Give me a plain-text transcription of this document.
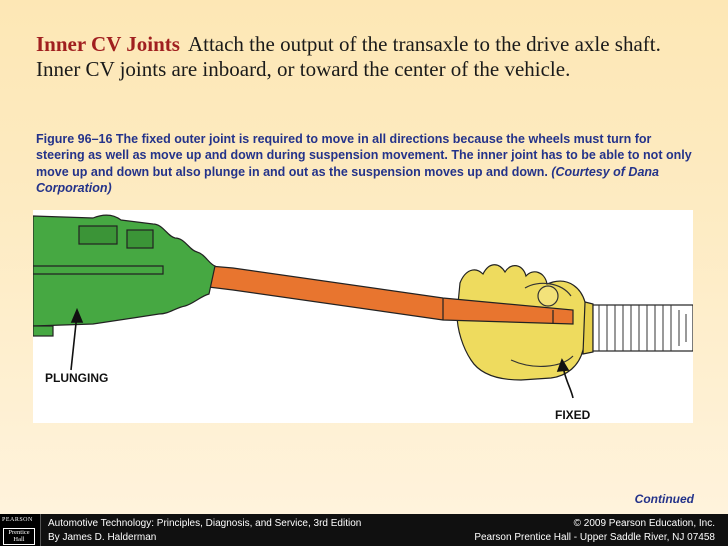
Inner CV Joints Attach the output of the transaxle to the drive axle shaft. Inner CV joints are inboard, or toward the center of the vehicle.
Figure 96–16 The fixed outer joint is required to move in all directions because the wheels must turn for steering as well as move up and down during suspension movement. The inner joint has to be able to not only move up and down but also plunge in and out as the suspension moves up and down. (Courtesy of Dana Corporation)
PLUNGING
FIXED
Continued
PEARSON
Prentice
Hall
Automotive Technology: Principles, Diagnosis, and Service, 3rd Edition
By James D. Halderman
© 2009 Pearson Education, Inc.
Pearson Prentice Hall - Upper Saddle River, NJ 07458
